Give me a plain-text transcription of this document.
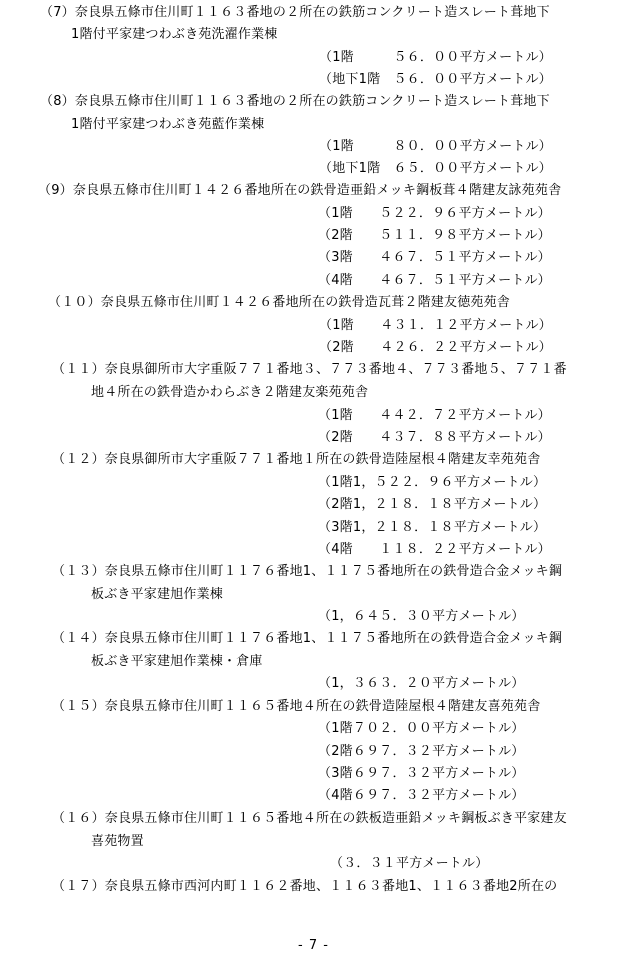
（7）奈良県五條市住川町１１６３番地の２所在の鉄筋コンクリート造スレート葺地下
1階付平家建つわぶき苑洗濯作業棟
（1階　　　５６．００平方メートル）
（地下1階　５６．００平方メートル）
（8）奈良県五條市住川町１１６３番地の２所在の鉄筋コンクリート造スレート葺地下
1階付平家建つわぶき苑藍作業棟
（1階　　　８０．００平方メートル）
（地下1階　６５．００平方メートル）
（9）奈良県五條市住川町１４２６番地所在の鉄骨造亜鉛メッキ鋼板葺４階建友詠苑苑舎
（1階　　５２２．９６平方メートル）
（2階　　５１１．９８平方メートル）
（3階　　４６７．５１平方メートル）
（4階　　４６７．５１平方メートル）
（１０）奈良県五條市住川町１４２６番地所在の鉄骨造瓦葺２階建友徳苑苑舎
（1階　　４３１．１２平方メートル）
（2階　　４２６．２２平方メートル）
（１１）奈良県御所市大字重阪７７１番地３、７７３番地４、７７３番地５、７７１番
地４所在の鉄骨造かわらぶき２階建友楽苑苑舎
（1階　　４４２．７２平方メートル）
（2階　　４３７．８８平方メートル）
（１２）奈良県御所市大字重阪７７１番地１所在の鉄骨造陸屋根４階建友幸苑苑舎
（1階1，５２２．９６平方メートル）
（2階1，２１８．１８平方メートル）
（3階1，２１８．１８平方メートル）
（4階　　１１８．２２平方メートル）
（１３）奈良県五條市住川町１１７６番地1、１１７５番地所在の鉄骨造合金メッキ鋼
板ぶき平家建旭作業棟
（1，６４５．３０平方メートル）
（１４）奈良県五條市住川町１１７６番地1、１１７５番地所在の鉄骨造合金メッキ鋼
板ぶき平家建旭作業棟・倉庫
（1，３６３．２０平方メートル）
（１５）奈良県五條市住川町１１６５番地４所在の鉄骨造陸屋根４階建友喜苑苑舎
（1階７０２．００平方メートル）
（2階６９７．３２平方メートル）
（3階６９７．３２平方メートル）
（4階６９７．３２平方メートル）
（１６）奈良県五條市住川町１１６５番地４所在の鉄板造亜鉛メッキ鋼板ぶき平家建友
喜苑物置
（３．３１平方メートル）
（１７）奈良県五條市西河内町１１６２番地、１１６３番地1、１１６３番地2所在の
- 7 -
